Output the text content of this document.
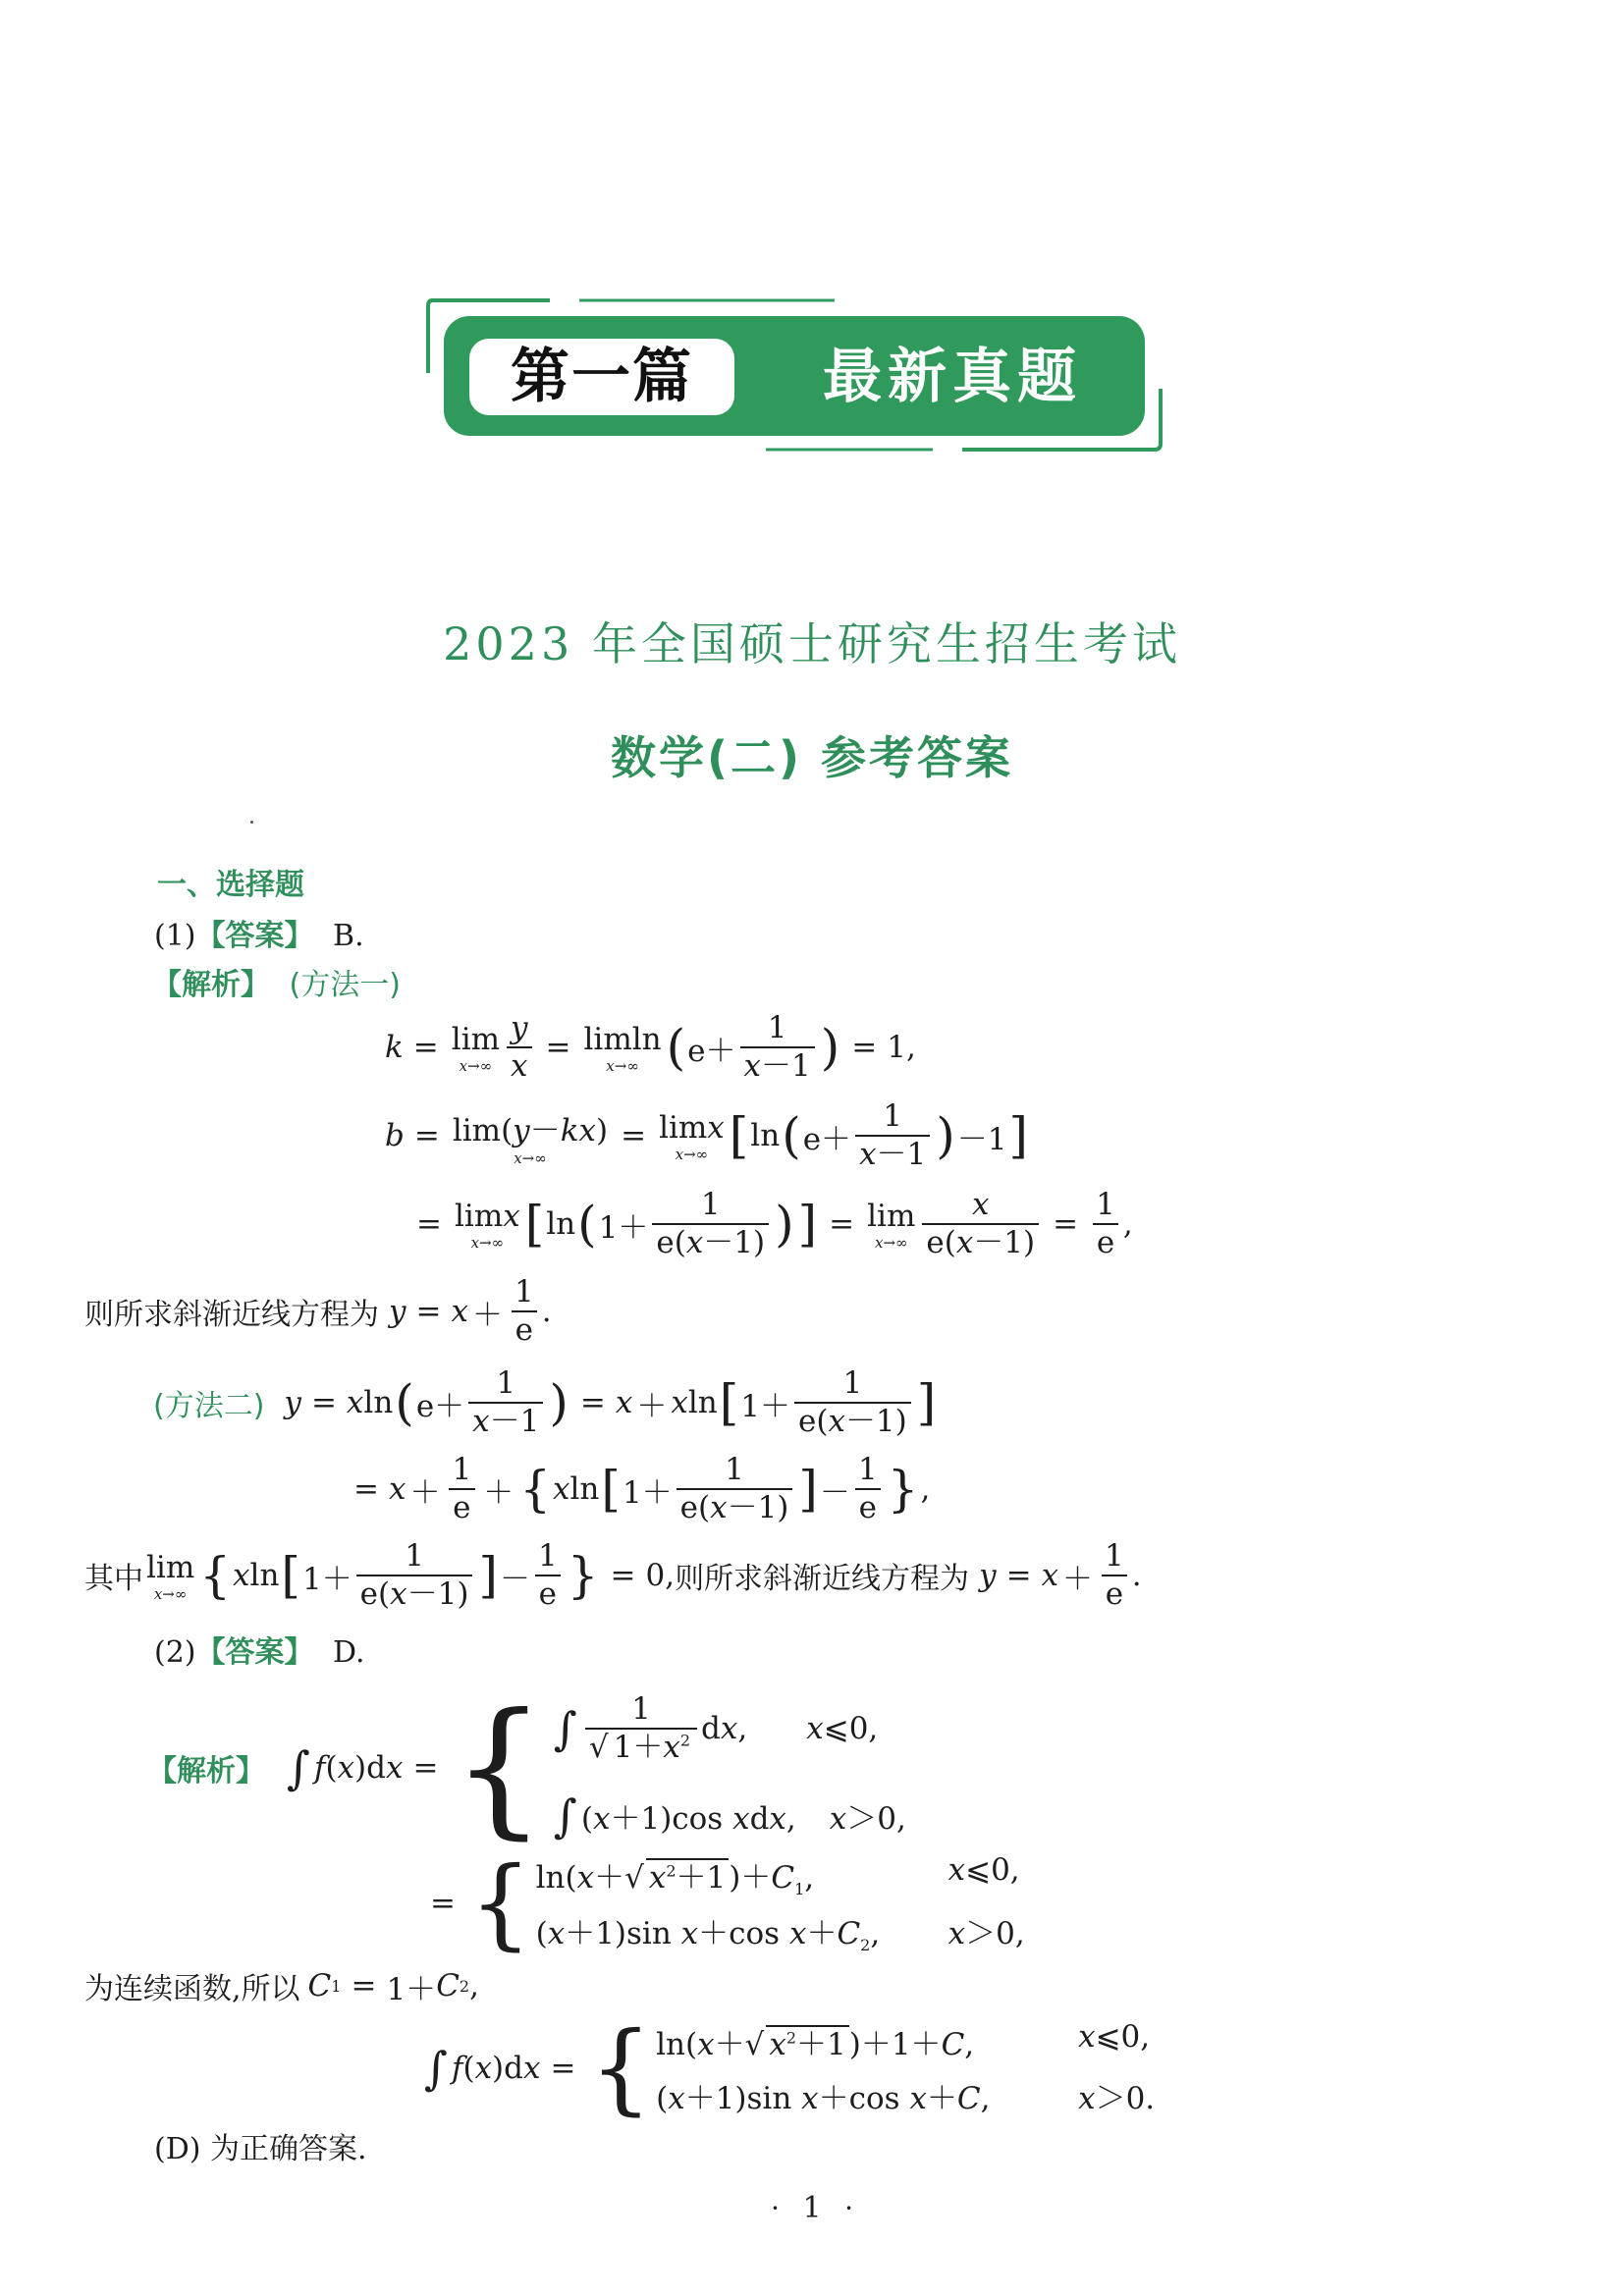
第一篇	最新真题
2023 年全国硕士研究生招生考试
数学(二) 参考答案
一、选择题
(1)【答案】 B.
【解析】 (方法一)
k = lim
$x\to\infty \frac{y}{x} = limln$
x→∞ ( $e+ \frac{1}{x-1}$ ) = 1,
b = lim(y－kx)
x→∞
= limx
x→∞ [ ln ( $e+ \frac{1}{x-1}$ ) －1 ]
= limx
x→∞ [ ln ( $1+ \frac{1}{e(x-1)}$ ) ] = lim
$x\to\infty \frac{x}{e(x-1)} = \frac{1}{e}$ ,
则所求斜渐近线方程为 $y = x + \frac{1}{e}$ .
(方法二) y = x ln ( $e+ \frac{1}{x-1}$ ) = x ＋ x ln [ $1+ \frac{1}{e(x-1)}$ ]
= $x + \frac{1}{e}$ ＋ { x ln [ $1+ \frac{1}{e(x-1)}$ ] － $\frac{1}{e}$ } ,
其中 lim
x→∞ { x ln [ $1+ \frac{1}{e(x-1)}$ ] － $\frac{1}{e}$ } = 0, 则所求斜渐近线方程为 $y = x + \frac{1}{e}$ .
(2)【答案】 D.
【解析】 ∫ f (x)dx = { ∫ $\frac{1}{√ 1+x^2}$ dx, x⩽0,
∫ (x＋1)cos xdx, x＞0,
= { ln(x＋√ $x^2+1)+C_1$,	x⩽0,
(x＋1)sin x＋cos $x+C_2$,	x＞0,
为连续函数,所以 C 1 = 1＋ C 2 ,
∫ f (x)dx = { ln(x＋√ $x^2+1)+1+C$,	x⩽0,
(x＋1)sin x＋cos x＋C,	x＞0.
(D) 为正确答案.
· 1 ·
